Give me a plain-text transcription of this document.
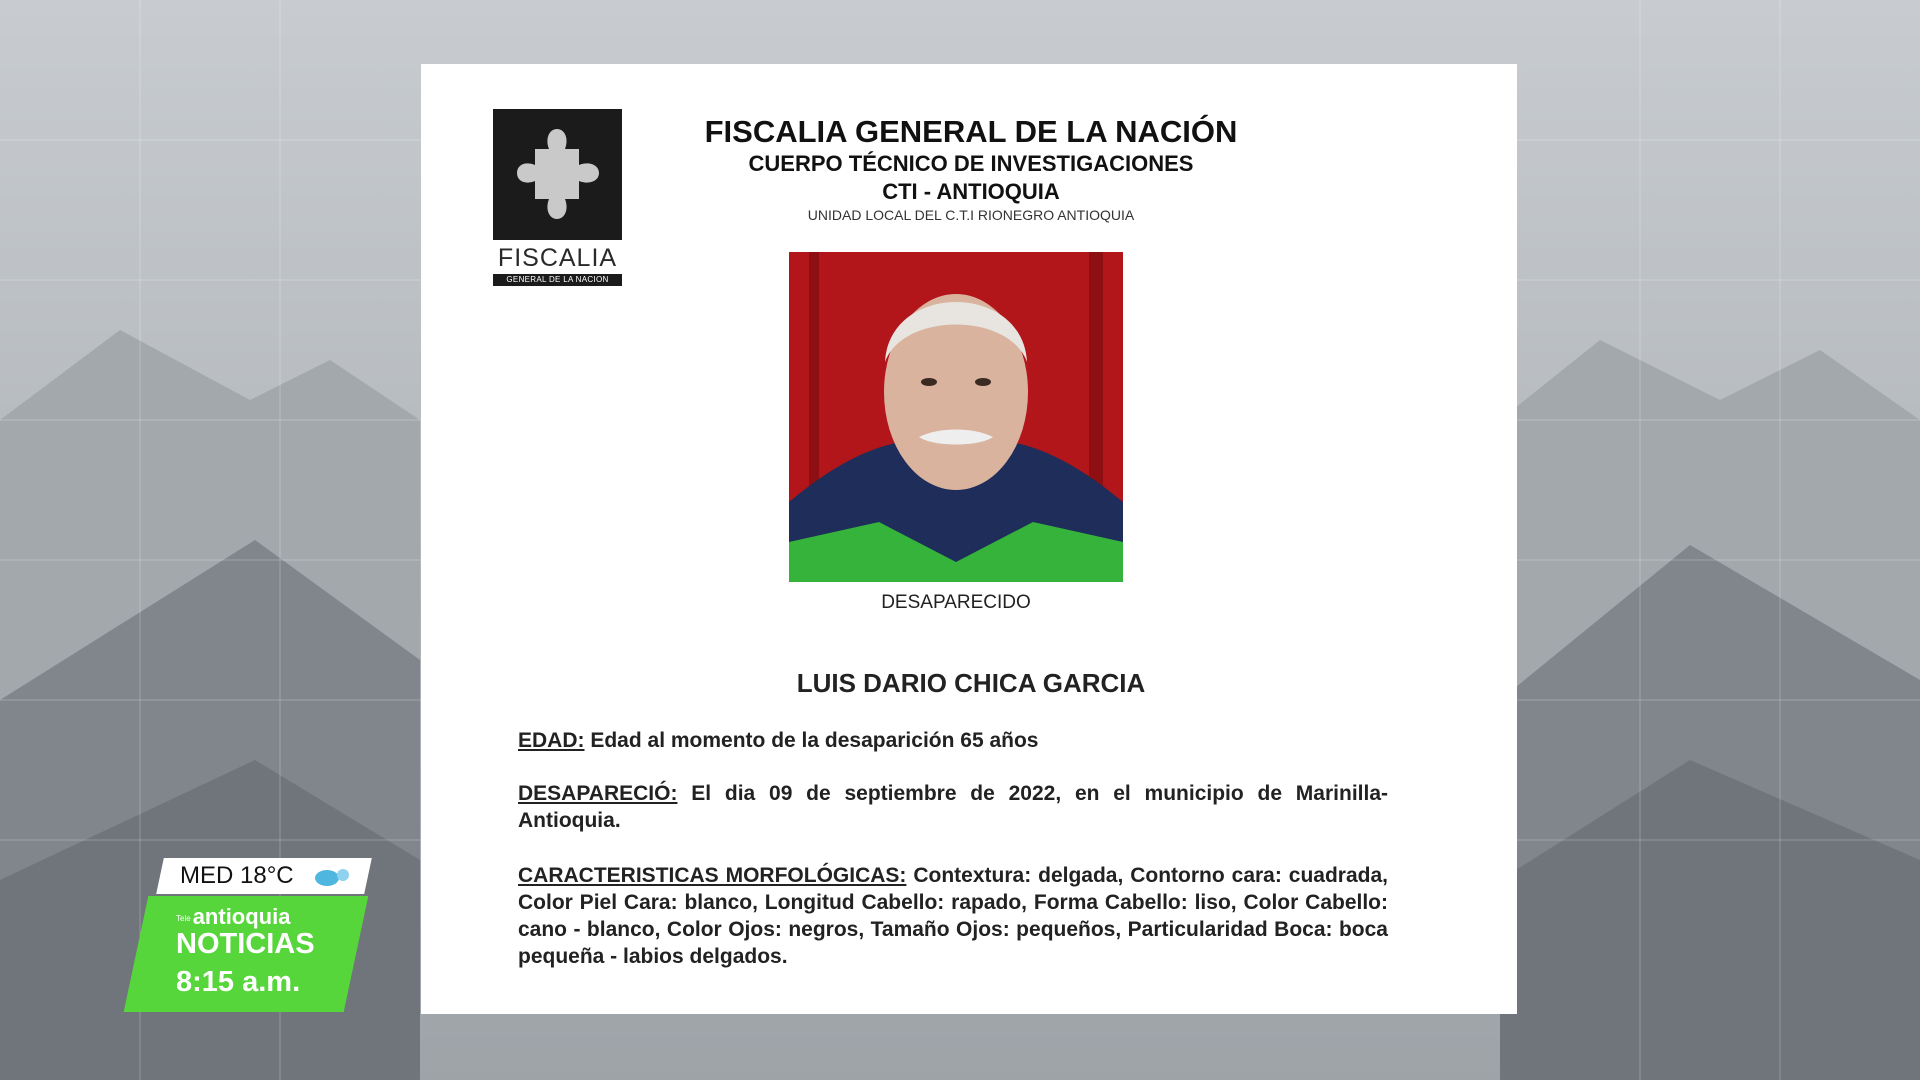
FISCALIA
GENERAL DE LA NACION
FISCALIA GENERAL DE LA NACIÓN
CUERPO TÉCNICO DE INVESTIGACIONES
CTI - ANTIOQUIA
UNIDAD LOCAL DEL C.T.I RIONEGRO ANTIOQUIA
DESAPARECIDO
LUIS DARIO CHICA GARCIA
EDAD: Edad al momento de la desaparición 65 años
DESAPARECIÓ: El dia 09 de septiembre de 2022, en el municipio de Marinilla-Antioquia.
CARACTERISTICAS MORFOLÓGICAS: Contextura: delgada, Contorno cara: cuadrada, Color Piel Cara: blanco, Longitud Cabello: rapado, Forma Cabello: liso, Color Cabello: cano - blanco, Color Ojos: negros, Tamaño Ojos: pequeños, Particularidad Boca: boca pequeña - labios delgados.
MED 18°C
Teleantioquia
NOTICIAS
8:15 a.m.
